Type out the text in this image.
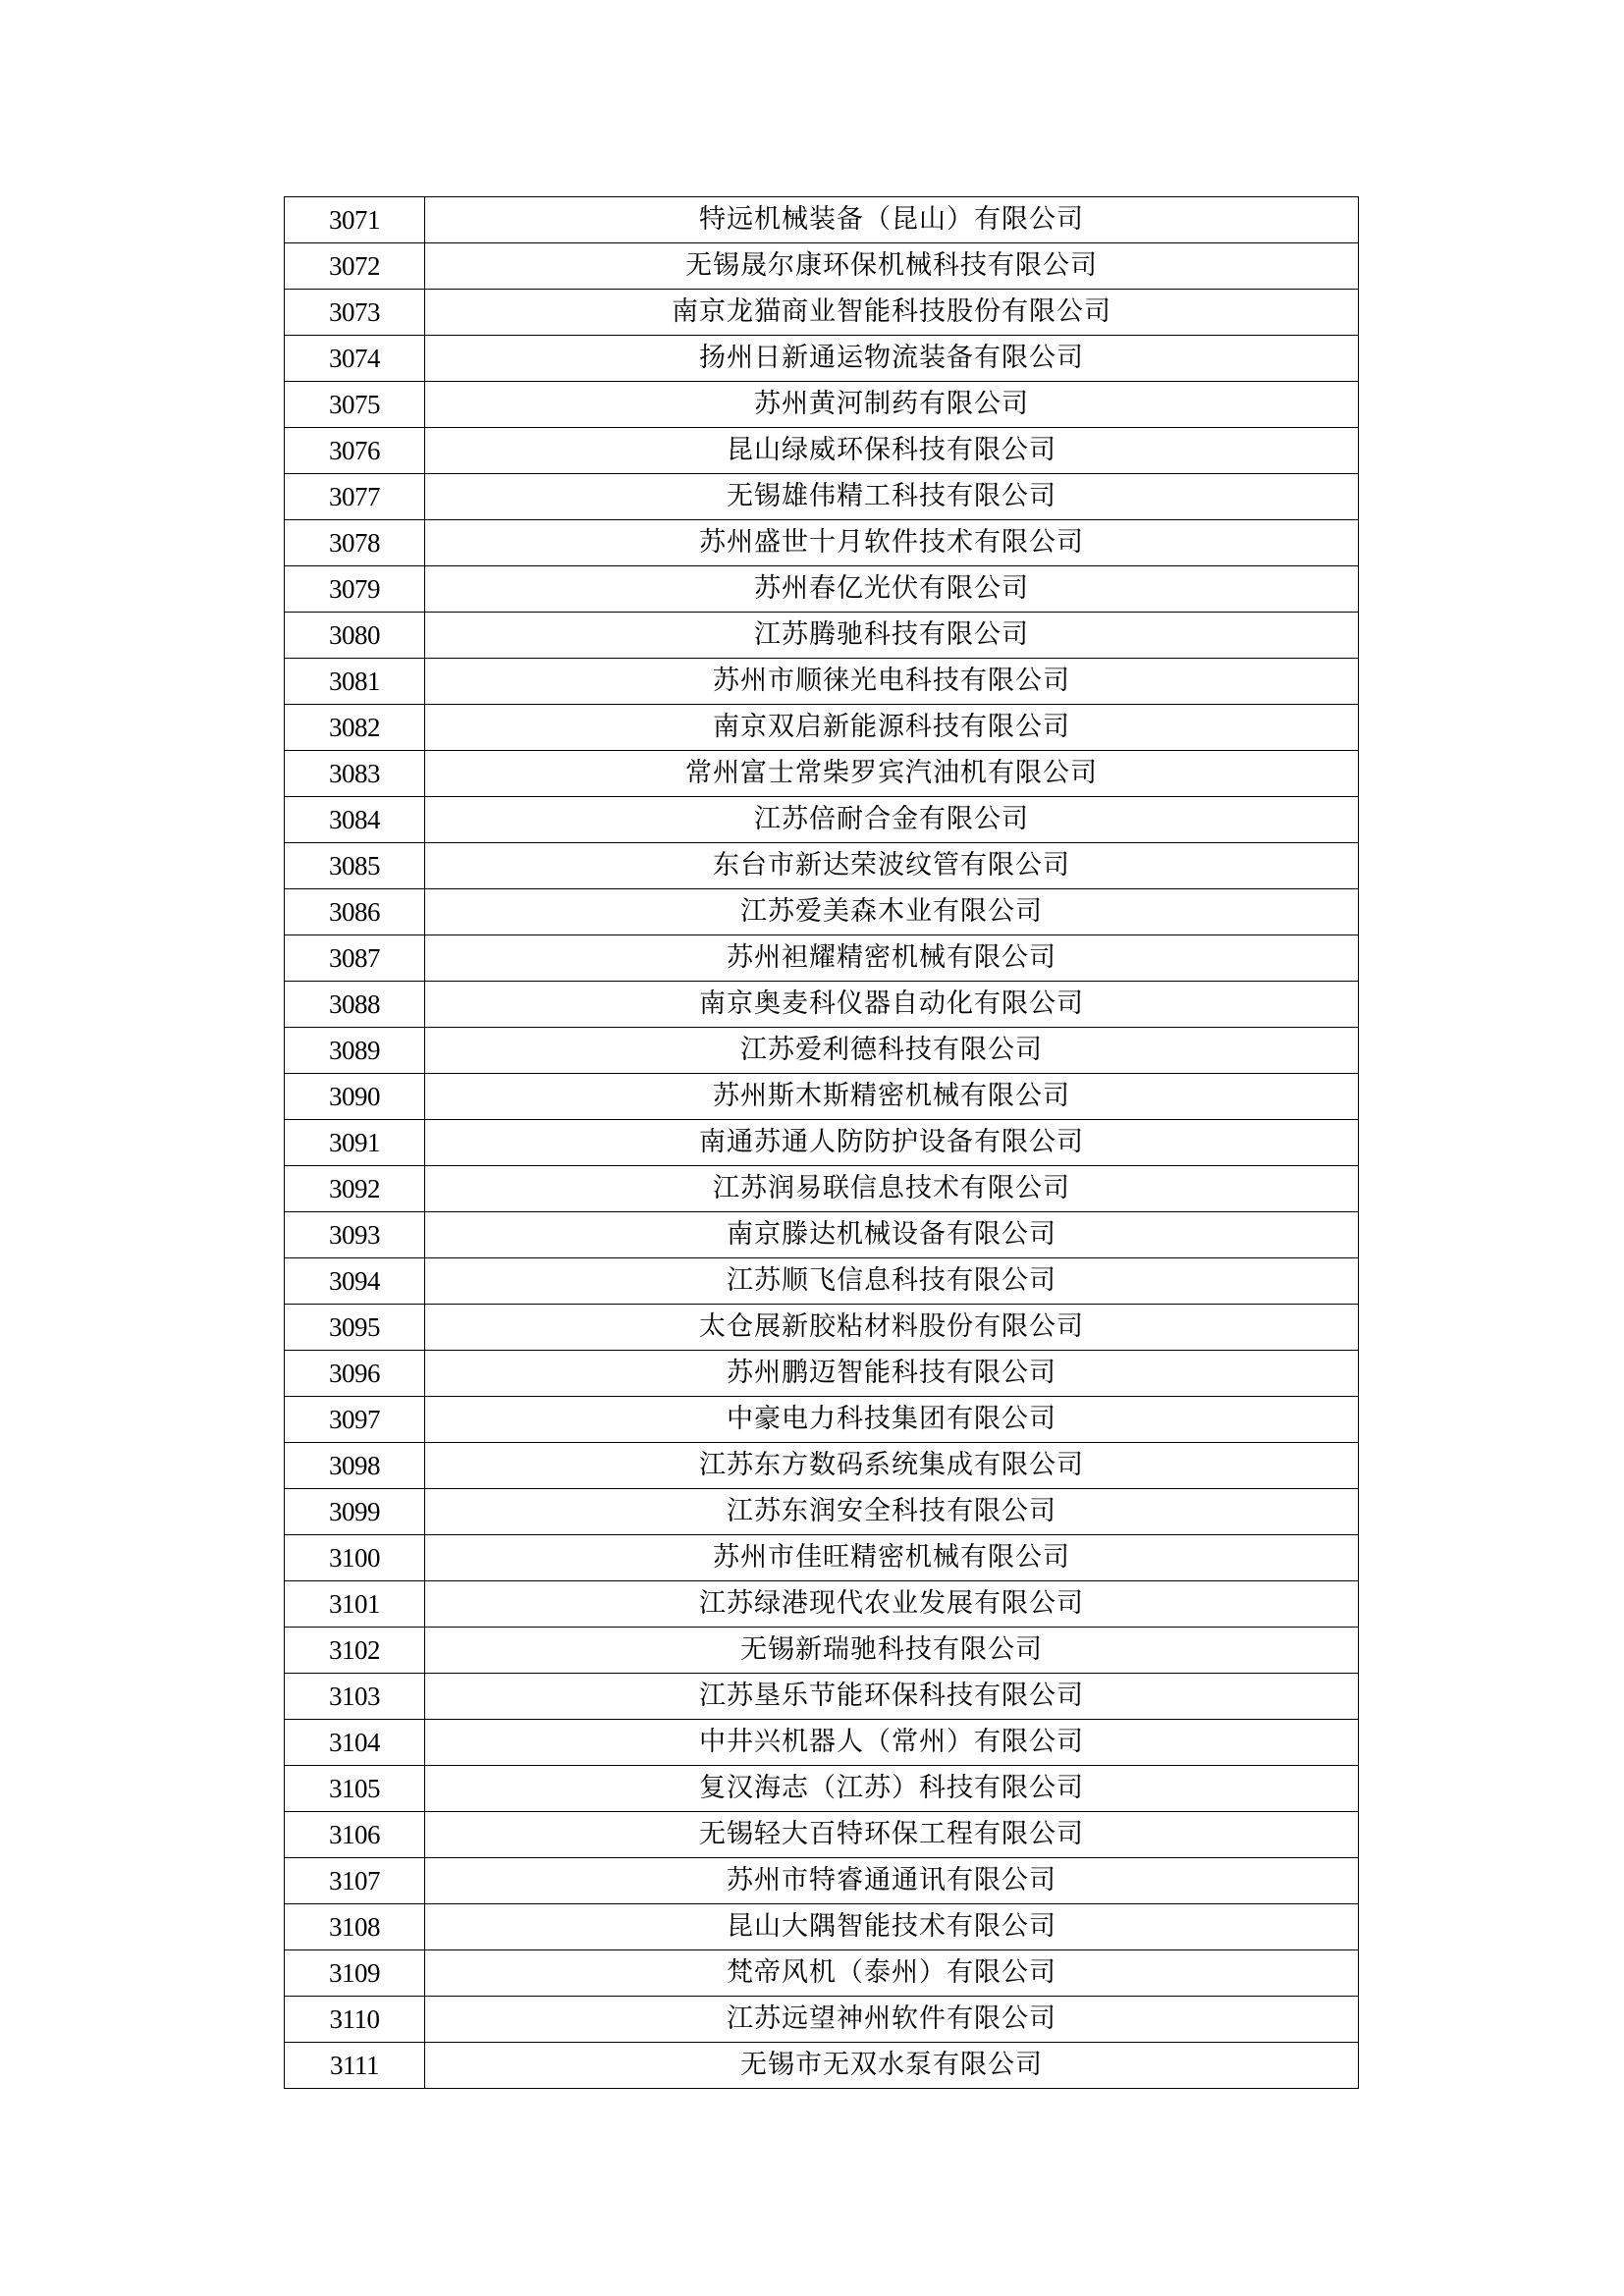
3071	特远机械装备（昆山）有限公司
3072	无锡晟尔康环保机械科技有限公司
3073	南京龙猫商业智能科技股份有限公司
3074	扬州日新通运物流装备有限公司
3075	苏州黄河制药有限公司
3076	昆山绿威环保科技有限公司
3077	无锡雄伟精工科技有限公司
3078	苏州盛世十月软件技术有限公司
3079	苏州春亿光伏有限公司
3080	江苏腾驰科技有限公司
3081	苏州市顺徕光电科技有限公司
3082	南京双启新能源科技有限公司
3083	常州富士常柴罗宾汽油机有限公司
3084	江苏倍耐合金有限公司
3085	东台市新达荣波纹管有限公司
3086	江苏爱美森木业有限公司
3087	苏州袒耀精密机械有限公司
3088	南京奥麦科仪器自动化有限公司
3089	江苏爱利德科技有限公司
3090	苏州斯木斯精密机械有限公司
3091	南通苏通人防防护设备有限公司
3092	江苏润易联信息技术有限公司
3093	南京滕达机械设备有限公司
3094	江苏顺飞信息科技有限公司
3095	太仓展新胶粘材料股份有限公司
3096	苏州鹏迈智能科技有限公司
3097	中豪电力科技集团有限公司
3098	江苏东方数码系统集成有限公司
3099	江苏东润安全科技有限公司
3100	苏州市佳旺精密机械有限公司
3101	江苏绿港现代农业发展有限公司
3102	无锡新瑞驰科技有限公司
3103	江苏垦乐节能环保科技有限公司
3104	中井兴机器人（常州）有限公司
3105	复汉海志（江苏）科技有限公司
3106	无锡轻大百特环保工程有限公司
3107	苏州市特睿通通讯有限公司
3108	昆山大隅智能技术有限公司
3109	梵帝风机（泰州）有限公司
3110	江苏远望神州软件有限公司
3111	无锡市无双水泵有限公司
